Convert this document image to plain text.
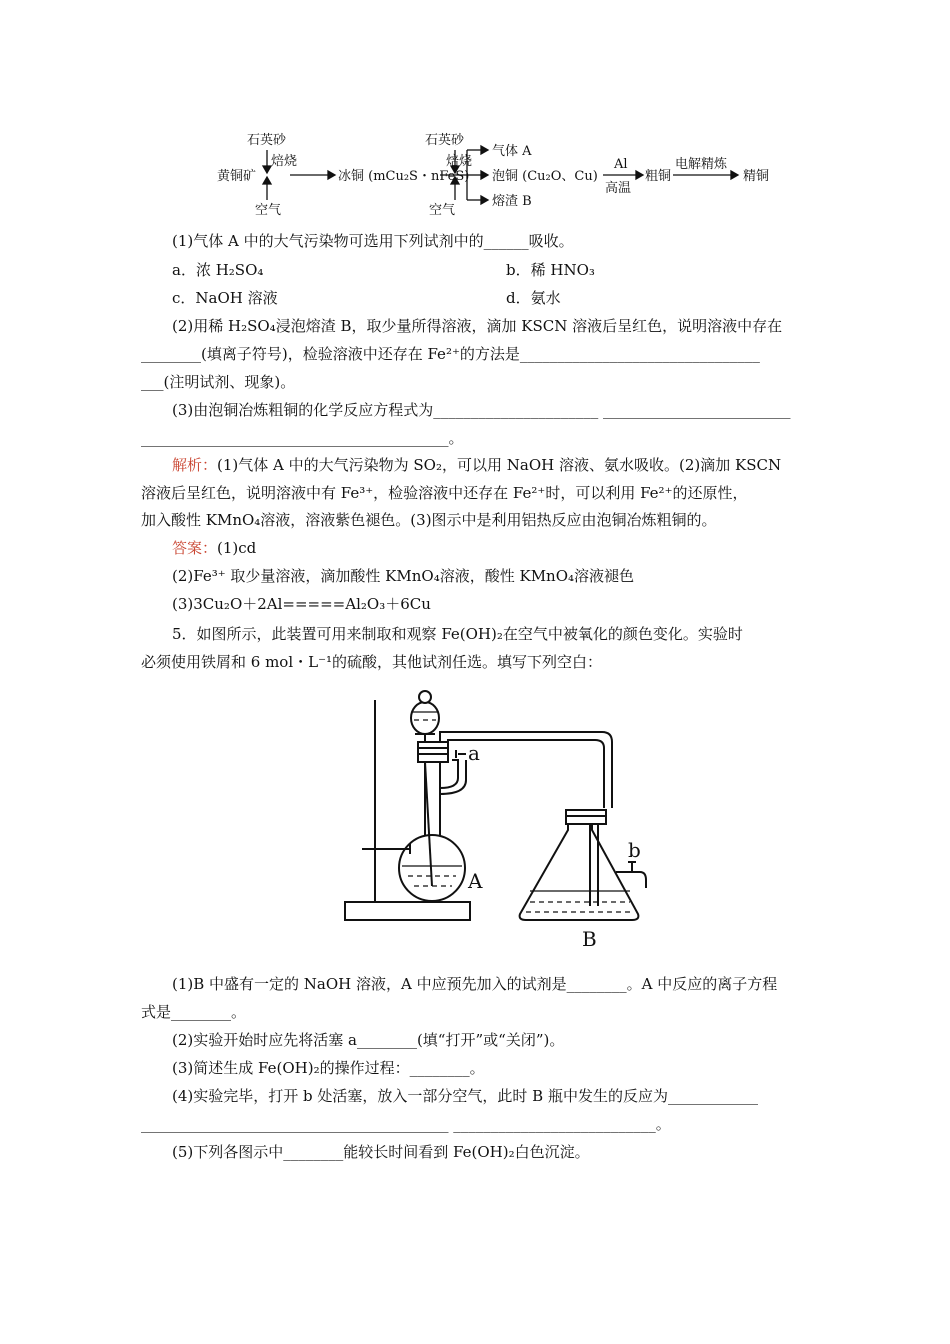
石英砂
焙烧
黄铜矿
空气
冰铜 (mCu₂S・nFeS)
石英砂
焙烧
空气
气体 A
泡铜 (Cu₂O、Cu)
熔渣 B
Al
高温
粗铜
电解精炼
精铜
(1)气体 A 中的大气污染物可选用下列试剂中的______吸收。
a．浓 H₂SO₄	b．稀 HNO₃
c．NaOH 溶液	d．氨水
(2)用稀 H₂SO₄浸泡熔渣 B，取少量所得溶液，滴加 KSCN 溶液后呈红色，说明溶液中存在
________(填离子符号)，检验溶液中还存在 Fe²⁺的方法是________________________________
___(注明试剂、现象)。
(3)由泡铜冶炼粗铜的化学反应方程式为______________________ _________________________
_________________________________________。
解析：(1)气体 A 中的大气污染物为 SO₂，可以用 NaOH 溶液、氨水吸收。(2)滴加 KSCN
溶液后呈红色，说明溶液中有 Fe³⁺，检验溶液中还存在 Fe²⁺时，可以利用 Fe²⁺的还原性，
加入酸性 KMnO₄溶液，溶液紫色褪色。(3)图示中是利用铝热反应由泡铜冶炼粗铜的。
答案：(1)cd
(2)Fe³⁺ 取少量溶液，滴加酸性 KMnO₄溶液，酸性 KMnO₄溶液褪色
(3)3Cu₂O＋2Al=====Al₂O₃＋6Cu
5．如图所示，此装置可用来制取和观察 Fe(OH)₂在空气中被氧化的颜色变化。实验时
必须使用铁屑和 6 mol・L⁻¹的硫酸，其他试剂任选。填写下列空白：
a
A
b
B
(1)B 中盛有一定的 NaOH 溶液，A 中应预先加入的试剂是________。A 中反应的离子方程
式是________。
(2)实验开始时应先将活塞 a________(填“打开”或“关闭”)。
(3)简述生成 Fe(OH)₂的操作过程：________。
(4)实验完毕，打开 b 处活塞，放入一部分空气，此时 B 瓶中发生的反应为____________
_________________________________________ ___________________________。
(5)下列各图示中________能较长时间看到 Fe(OH)₂白色沉淀。
